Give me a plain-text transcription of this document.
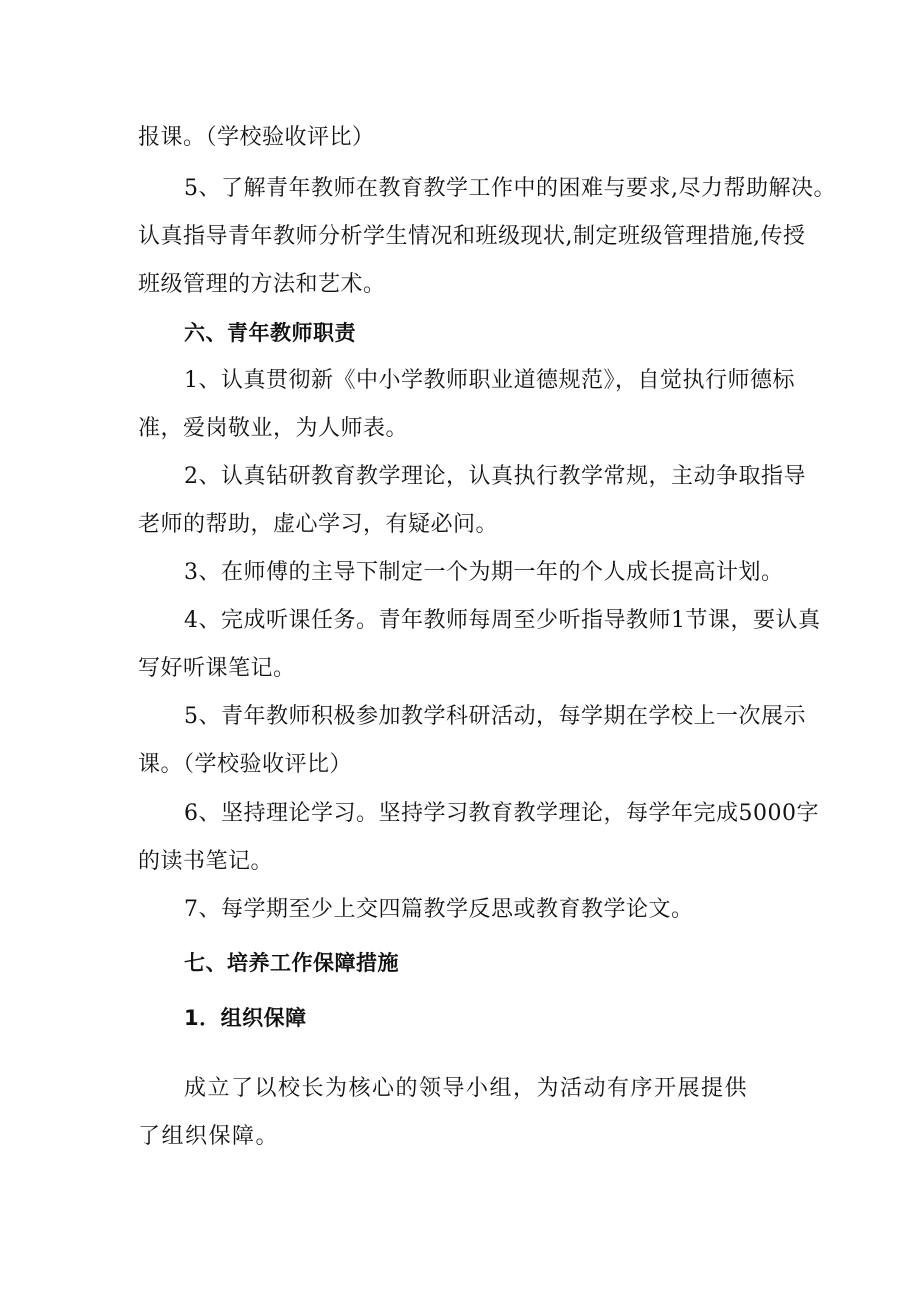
报课。（学校验收评比）
5、了解青年教师在教育教学工作中的困难与要求,尽力帮助解决。
认真指导青年教师分析学生情况和班级现状,制定班级管理措施,传授
班级管理的方法和艺术。
六、青年教师职责
1、认真贯彻新《中小学教师职业道德规范》，自觉执行师德标
准，爱岗敬业，为人师表。
2、认真钻研教育教学理论，认真执行教学常规，主动争取指导
老师的帮助，虚心学习，有疑必问。
3、在师傅的主导下制定一个为期一年的个人成长提高计划。
4、完成听课任务。青年教师每周至少听指导教师1节课，要认真
写好听课笔记。
5、青年教师积极参加教学科研活动，每学期在学校上一次展示
课。（学校验收评比）
6、坚持理论学习。坚持学习教育教学理论，每学年完成5000字
的读书笔记。
7、每学期至少上交四篇教学反思或教育教学论文。
七、培养工作保障措施
1．组织保障
成立了以校长为核心的领导小组，为活动有序开展提供
了组织保障。
